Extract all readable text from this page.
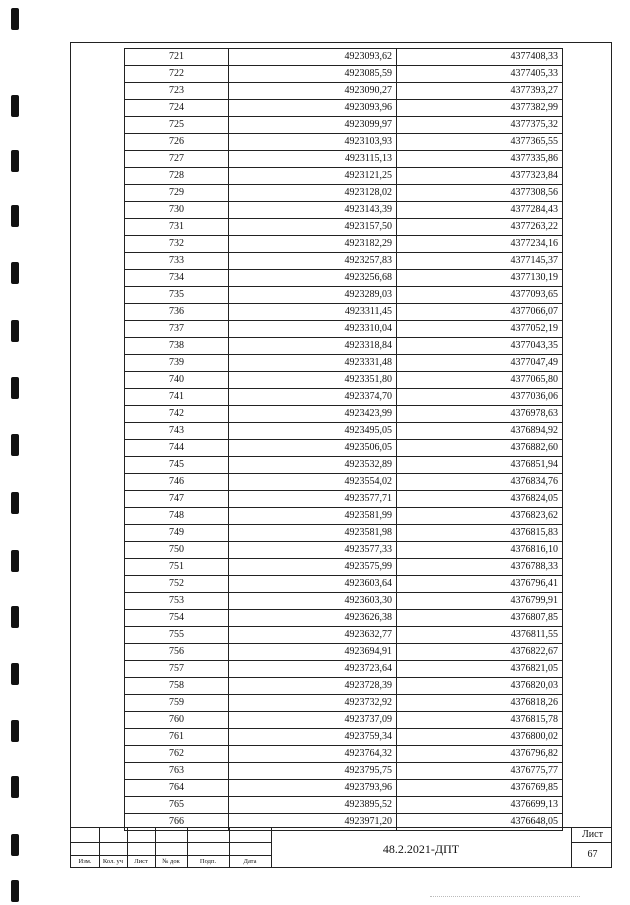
721	4923093,62	4377408,33
722	4923085,59	4377405,33
723	4923090,27	4377393,27
724	4923093,96	4377382,99
725	4923099,97	4377375,32
726	4923103,93	4377365,55
727	4923115,13	4377335,86
728	4923121,25	4377323,84
729	4923128,02	4377308,56
730	4923143,39	4377284,43
731	4923157,50	4377263,22
732	4923182,29	4377234,16
733	4923257,83	4377145,37
734	4923256,68	4377130,19
735	4923289,03	4377093,65
736	4923311,45	4377066,07
737	4923310,04	4377052,19
738	4923318,84	4377043,35
739	4923331,48	4377047,49
740	4923351,80	4377065,80
741	4923374,70	4377036,06
742	4923423,99	4376978,63
743	4923495,05	4376894,92
744	4923506,05	4376882,60
745	4923532,89	4376851,94
746	4923554,02	4376834,76
747	4923577,71	4376824,05
748	4923581,99	4376823,62
749	4923581,98	4376815,83
750	4923577,33	4376816,10
751	4923575,99	4376788,33
752	4923603,64	4376796,41
753	4923603,30	4376799,91
754	4923626,38	4376807,85
755	4923632,77	4376811,55
756	4923694,91	4376822,67
757	4923723,64	4376821,05
758	4923728,39	4376820,03
759	4923732,92	4376818,26
760	4923737,09	4376815,78
761	4923759,34	4376800,02
762	4923764,32	4376796,82
763	4923795,75	4376775,77
764	4923793,96	4376769,85
765	4923895,52	4376699,13
766	4923971,20	4376648,05
Изм.	Кол. уч	Лист	№ док	Подп.	Дата
48.2.2021-ДПТ
Лист
67
